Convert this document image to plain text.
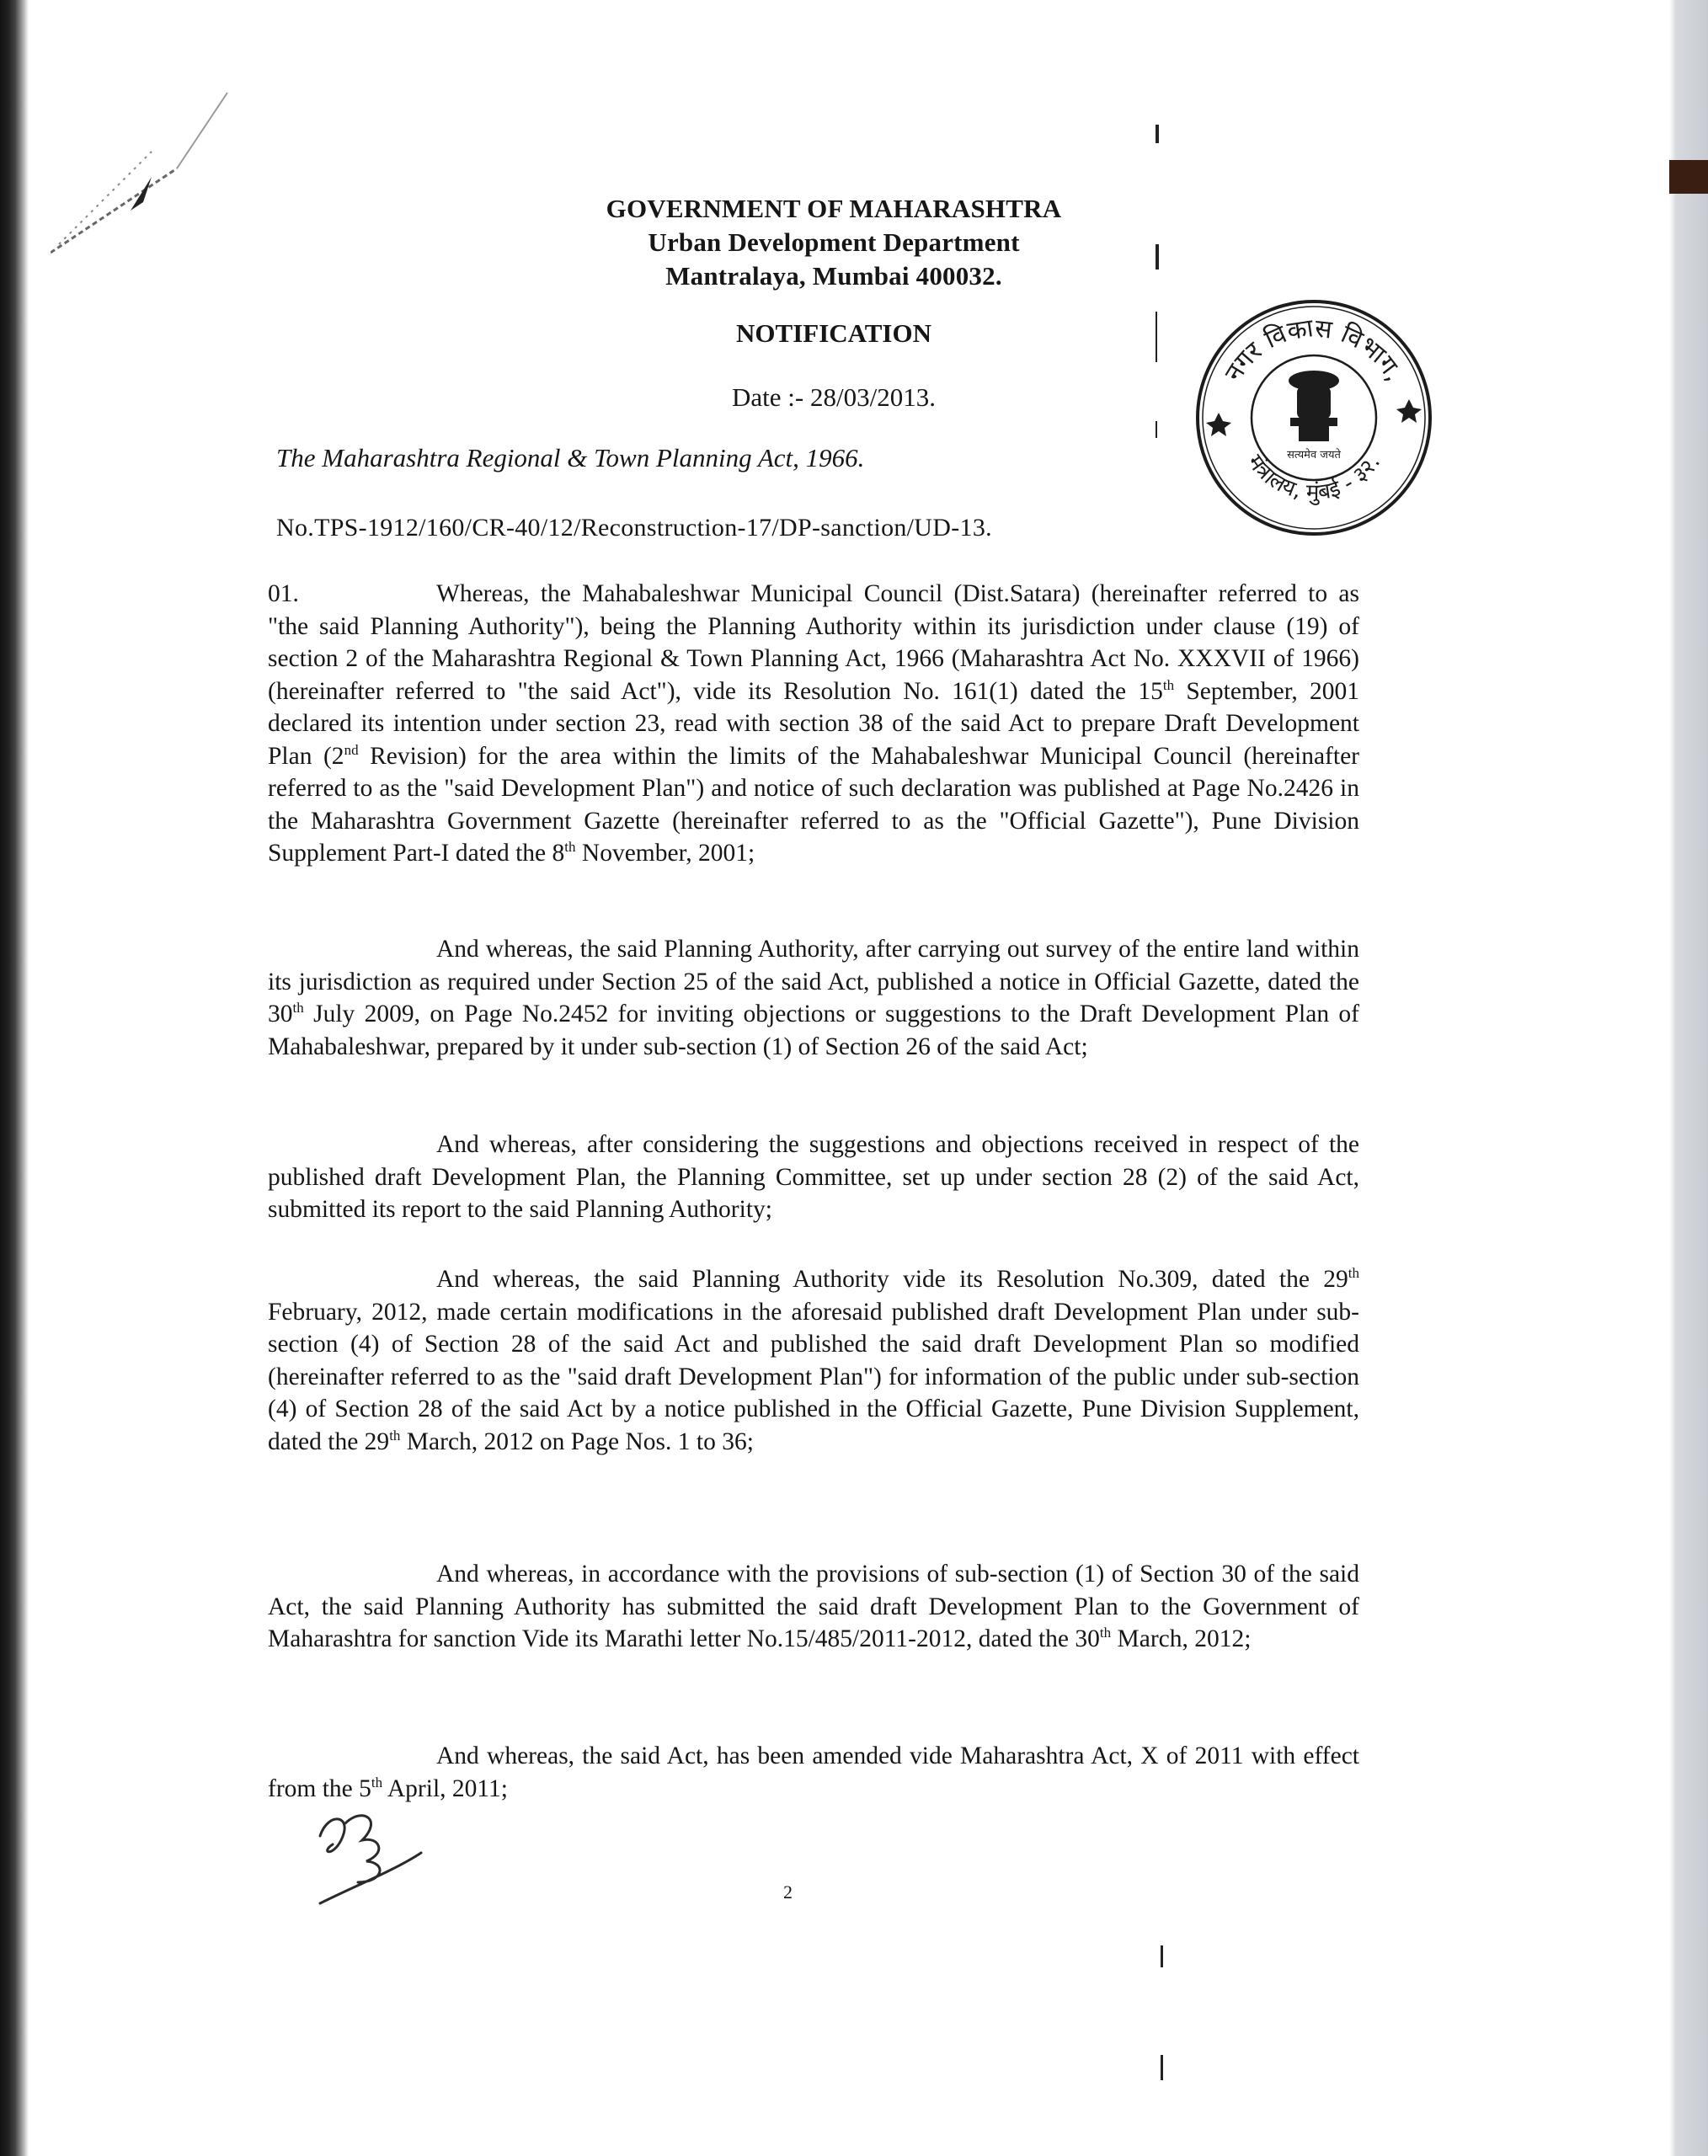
GOVERNMENT OF MAHARASHTRA
Urban Development Department
Mantralaya, Mumbai 400032.
NOTIFICATION
Date :- 28/03/2013.
The Maharashtra Regional & Town Planning Act, 1966.
No.TPS-1912/160/CR-40/12/Reconstruction-17/DP-sanction/UD-13.
नगर विकास विभाग,
मंत्रालय, मुंबई - ३२.
सत्यमेव जयते
01.	Whereas, the Mahabaleshwar Municipal Council (Dist.Satara) (hereinafter referred to as "the said Planning Authority"), being the Planning Authority within its jurisdiction under clause (19) of section 2 of the Maharashtra Regional & Town Planning Act, 1966 (Maharashtra Act No. XXXVII of 1966) (hereinafter referred to "the said Act"), vide its Resolution No. 161(1) dated the 15th September, 2001 declared its intention under section 23, read with section 38 of the said Act to prepare Draft Development Plan (2nd Revision) for the area within the limits of the Mahabaleshwar Municipal Council (hereinafter referred to as the "said Development Plan") and notice of such declaration was published at Page No.2426 in the Maharashtra Government Gazette (hereinafter referred to as the "Official Gazette"), Pune Division Supplement Part-I dated the 8th November, 2001;
And whereas, the said Planning Authority, after carrying out survey of the entire land within its jurisdiction as required under Section 25 of the said Act, published a notice in Official Gazette, dated the 30th July 2009, on Page No.2452 for inviting objections or suggestions to the Draft Development Plan of Mahabaleshwar, prepared by it under sub-section (1) of Section 26 of the said Act;
And whereas, after considering the suggestions and objections received in respect of the published draft Development Plan, the Planning Committee, set up under section 28 (2) of the said Act, submitted its report to the said Planning Authority;
And whereas, the said Planning Authority vide its Resolution No.309, dated the 29th February, 2012, made certain modifications in the aforesaid published draft Development Plan under sub-section (4) of Section 28 of the said Act and published the said draft Development Plan so modified (hereinafter referred to as the "said draft Development Plan") for information of the public under sub-section (4) of Section 28 of the said Act by a notice published in the Official Gazette, Pune Division Supplement, dated the 29th March, 2012 on Page Nos. 1 to 36;
And whereas, in accordance with the provisions of sub-section (1) of Section 30 of the said Act, the said Planning Authority has submitted the said draft Development Plan to the Government of Maharashtra for sanction Vide its Marathi letter No.15/485/2011-2012, dated the 30th March, 2012;
And whereas, the said Act, has been amended vide Maharashtra Act, X of 2011 with effect from the 5th April, 2011;
2
